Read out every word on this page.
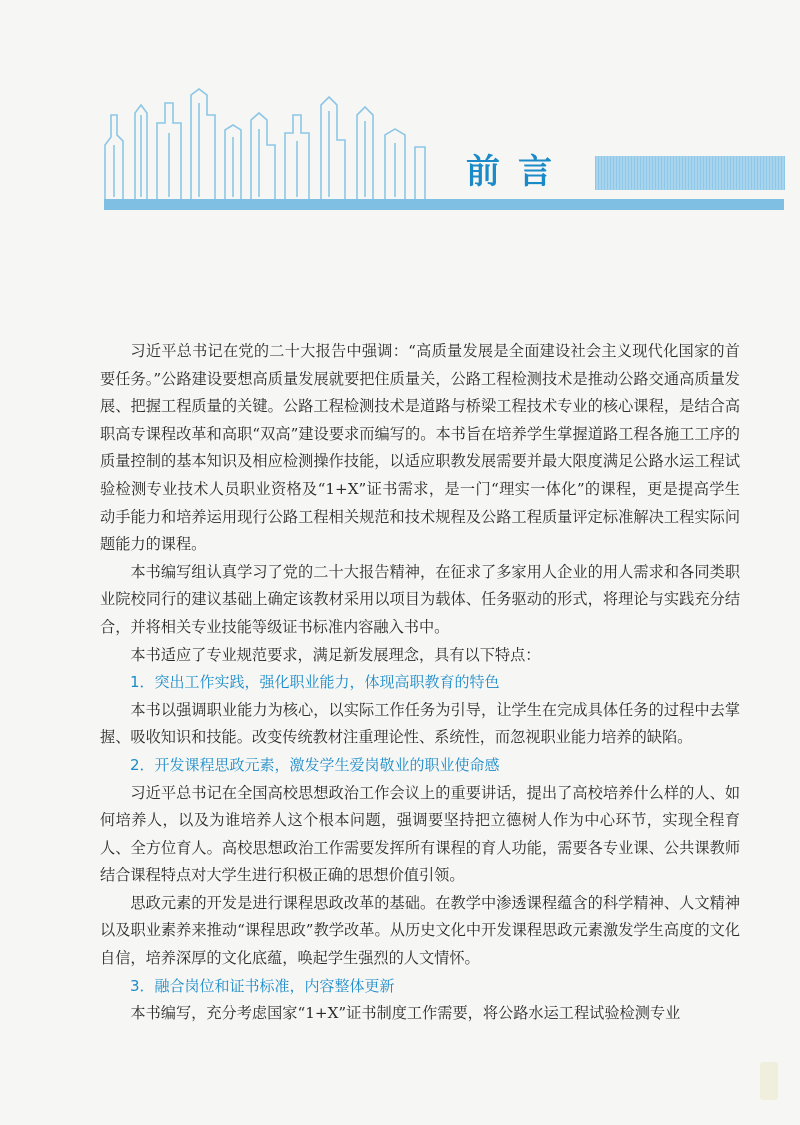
前言

习近平总书记在党的二十大报告中强调：“高质量发展是全面建设社会主义现代化国家的首要任务。”公路建设要想高质量发展就要把住质量关，公路工程检测技术是推动公路交通高质量发展、把握工程质量的关键。公路工程检测技术是道路与桥梁工程技术专业的核心课程，是结合高职高专课程改革和高职“双高”建设要求而编写的。本书旨在培养学生掌握道路工程各施工工序的质量控制的基本知识及相应检测操作技能，以适应职教发展需要并最大限度满足公路水运工程试验检测专业技术人员职业资格及“1+X”证书需求，是一门“理实一体化”的课程，更是提高学生动手能力和培养运用现行公路工程相关规范和技术规程及公路工程质量评定标准解决工程实际问题能力的课程。

本书编写组认真学习了党的二十大报告精神，在征求了多家用人企业的用人需求和各同类职业院校同行的建议基础上确定该教材采用以项目为载体、任务驱动的形式，将理论与实践充分结合，并将相关专业技能等级证书标准内容融入书中。

本书适应了专业规范要求，满足新发展理念，具有以下特点：

1．突出工作实践，强化职业能力，体现高职教育的特色

本书以强调职业能力为核心，以实际工作任务为引导，让学生在完成具体任务的过程中去掌握、吸收知识和技能。改变传统教材注重理论性、系统性，而忽视职业能力培养的缺陷。

2．开发课程思政元素，激发学生爱岗敬业的职业使命感

习近平总书记在全国高校思想政治工作会议上的重要讲话，提出了高校培养什么样的人、如何培养人，以及为谁培养人这个根本问题，强调要坚持把立德树人作为中心环节，实现全程育人、全方位育人。高校思想政治工作需要发挥所有课程的育人功能，需要各专业课、公共课教师结合课程特点对大学生进行积极正确的思想价值引领。

思政元素的开发是进行课程思政改革的基础。在教学中渗透课程蕴含的科学精神、人文精神以及职业素养来推动“课程思政”教学改革。从历史文化中开发课程思政元素激发学生高度的文化自信，培养深厚的文化底蕴，唤起学生强烈的人文情怀。

3．融合岗位和证书标准，内容整体更新

本书编写，充分考虑国家“1+X”证书制度工作需要，将公路水运工程试验检测专业
